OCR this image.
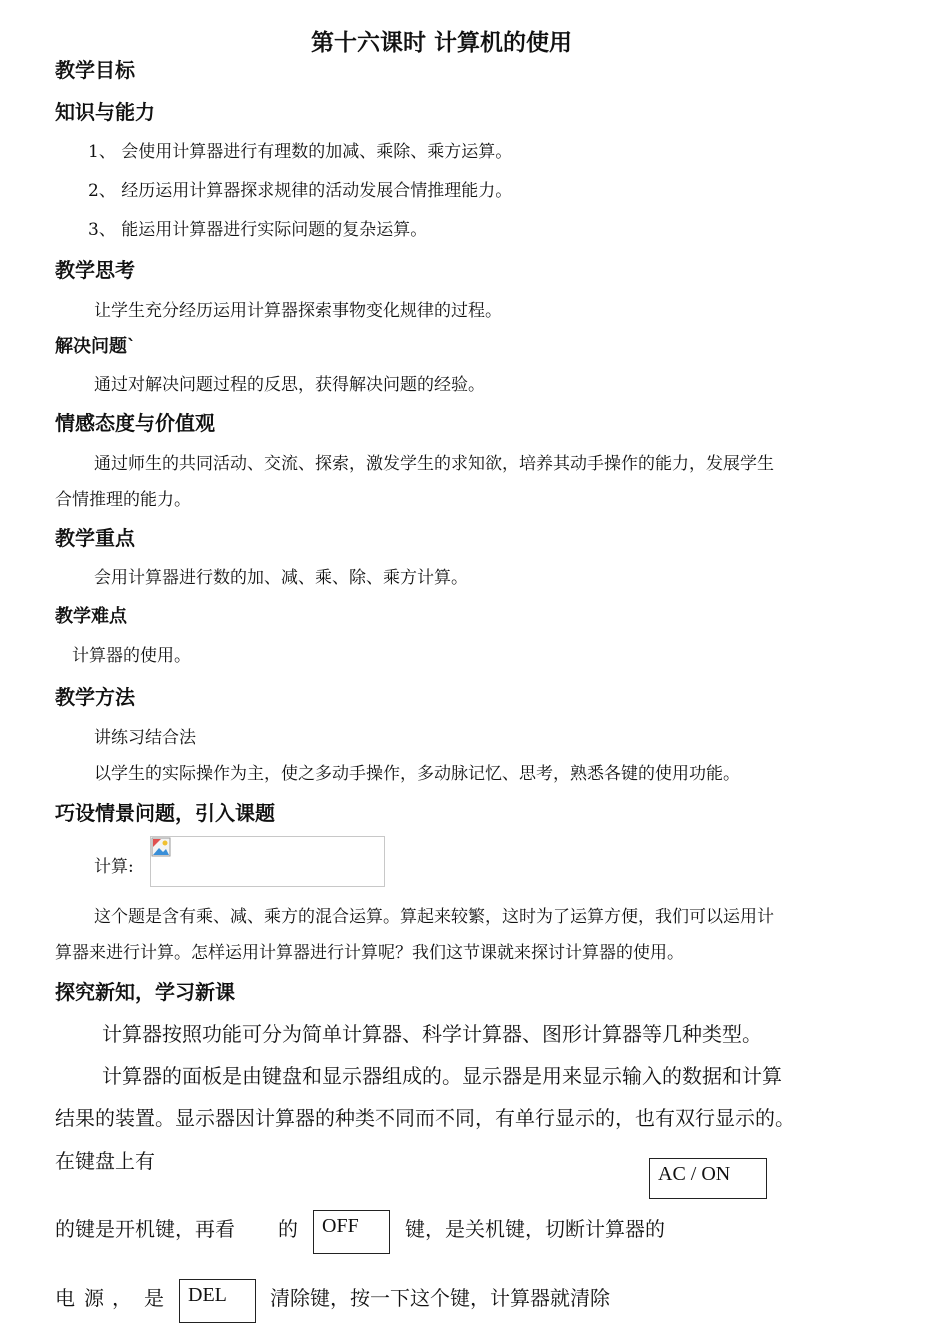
第十六课时 计算机的使用
教学目标
知识与能力
1、 会使用计算器进行有理数的加减、乘除、乘方运算。
2、 经历运用计算器探求规律的活动发展合情推理能力。
3、 能运用计算器进行实际问题的复杂运算。
教学思考
让学生充分经历运用计算器探索事物变化规律的过程。
解决问题`
通过对解决问题过程的反思，获得解决问题的经验。
情感态度与价值观
通过师生的共同活动、交流、探索，激发学生的求知欲，培养其动手操作的能力，发展学生
合情推理的能力。
教学重点
会用计算器进行数的加、减、乘、除、乘方计算。
教学难点
计算器的使用。
教学方法
讲练习结合法
以学生的实际操作为主，使之多动手操作，多动脉记忆、思考，熟悉各键的使用功能。
巧设情景问题，引入课题
计算:
这个题是含有乘、减、乘方的混合运算。算起来较繁，这时为了运算方便，我们可以运用计
算器来进行计算。怎样运用计算器进行计算呢？我们这节课就来探讨计算器的使用。
探究新知，学习新课
计算器按照功能可分为简单计算器、科学计算器、图形计算器等几种类型。
计算器的面板是由键盘和显示器组成的。显示器是用来显示输入的数据和计算
结果的装置。显示器因计算器的种类不同而不同，有单行显示的，也有双行显示的。
在键盘上有
AC / ON
的键是开机键，再看 的	OFF	键，是关机键，切断计算器的
电 源 ， 是	DEL	清除键，按一下这个键，计算器就清除
